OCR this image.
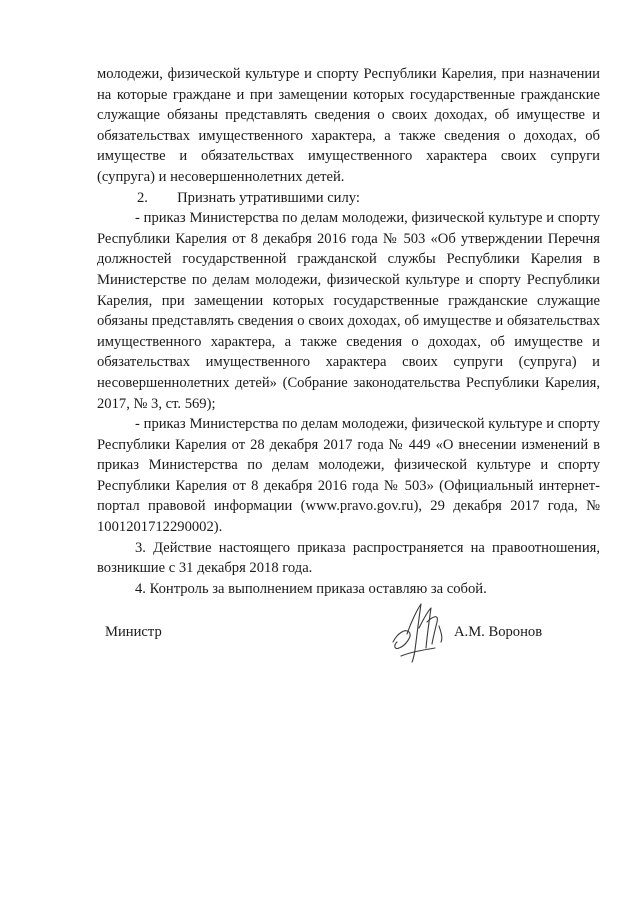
молодежи, физической культуре и спорту Республики Карелия, при назначении на которые граждане и при замещении которых государственные гражданские служащие обязаны представлять сведения о своих доходах, об имуществе и обязательствах имущественного характера, а также сведения о доходах, об имуществе и обязательствах имущественного характера своих супруги (супруга) и несовершеннолетних детей.

2.  Признать утратившими силу:

- приказ Министерства по делам молодежи, физической культуре и спорту Республики Карелия от 8 декабря 2016 года № 503 «Об утверждении Перечня должностей государственной гражданской службы Республики Карелия в Министерстве по делам молодежи, физической культуре и спорту Республики Карелия, при замещении которых государственные гражданские служащие обязаны представлять сведения о своих доходах, об имуществе и обязательствах имущественного характера, а также сведения о доходах, об имуществе и обязательствах имущественного характера своих супруги (супруга) и несовершеннолетних детей» (Собрание законодательства Республики Карелия, 2017, № 3, ст. 569);

- приказ Министерства по делам молодежи, физической культуре и спорту Республики Карелия от 28 декабря 2017 года № 449 «О внесении изменений в приказ Министерства по делам молодежи, физической культуре и спорту Республики Карелия от 8 декабря 2016 года № 503» (Официальный интернет-портал правовой информации (www.pravo.gov.ru), 29 декабря 2017 года, № 1001201712290002).

3. Действие настоящего приказа распространяется на правоотношения, возникшие с 31 декабря 2018 года.

4. Контроль за выполнением приказа оставляю за собой.

Министр	А.М. Воронов
